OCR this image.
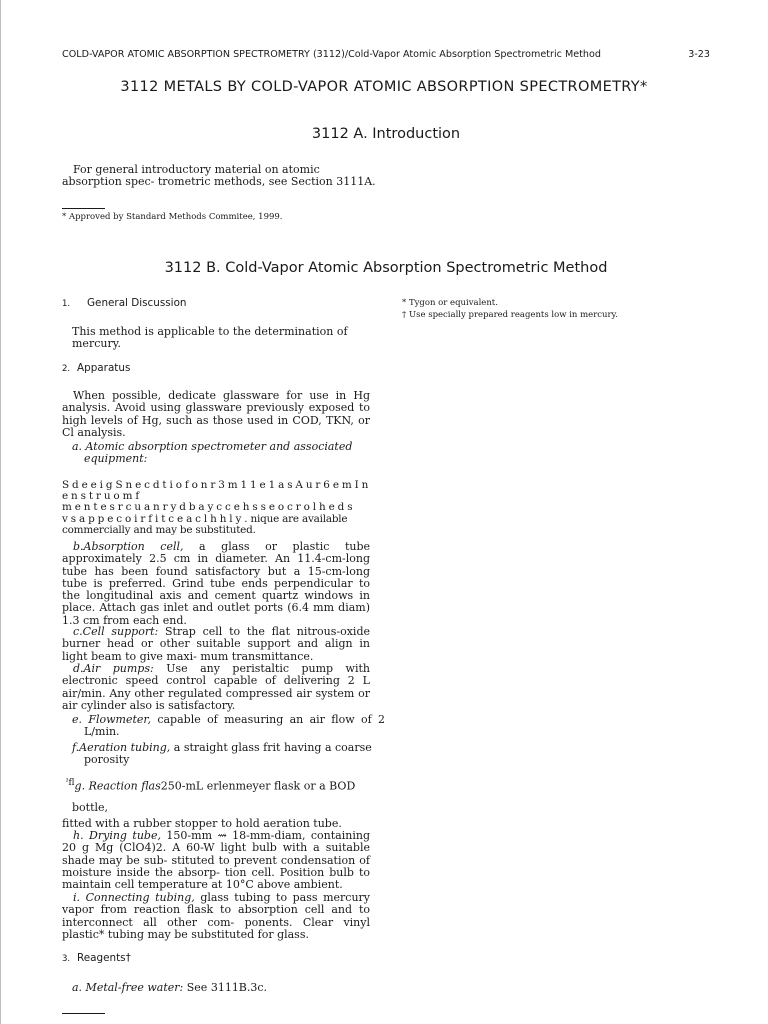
COLD-VAPOR ATOMIC ABSORPTION SPECTROMETRY (3112)/Cold-Vapor Atomic Absorption Spectrometric Method	3-23

3112 METALS BY COLD-VAPOR ATOMIC ABSORPTION SPECTROMETRY*
3112 A. Introduction

For general introductory material on atomic absorption spec- trometric methods, see Section 3111A.

* Approved by Standard Methods Commitee, 1999.

3112 B. Cold-Vapor Atomic Absorption Spectrometric Method

1. General Discussion

This method is applicable to the determination of mercury.

2. Apparatus

When possible, dedicate glassware for use in Hg analysis. Avoid using glassware previously exposed to high levels of Hg, such as those used in COD, TKN, or Cl analysis.

a. Atomic absorption spectrometer and associated equipment:

S d e e i g S n e c d t i o f o n r 3 m 1 1 e 1 a s A u r 6 e m I n e n s t r u o m f
m e n t e s r c u a n r y d b a y c c e h s s e o c r o l h e d s
v s a p p e c o i r f i t c e a c l h h l y . nique are available commercially and may be substituted.

b.Absorption cell, a glass or plastic tube approximately 2.5 cm in diameter. An 11.4-cm-long tube has been found satisfactory but a 15-cm-long tube is preferred. Grind tube ends perpendicular to the longitudinal axis and cement quartz windows in place. Attach gas inlet and outlet ports (6.4 mm diam) 1.3 cm from each end.

c.Cell support: Strap cell to the flat nitrous-oxide burner head or other suitable support and align in light beam to give maxi- mum transmittance.

d.Air pumps: Use any peristaltic pump with electronic speed control capable of delivering 2 L air/min. Any other regulated compressed air system or air cylinder also is satisfactory.

e. Flowmeter, capable of measuring an air flow of 2 L/min.

f.Aeration tubing, a straight glass frit having a coarse porosity

$^{ˀfl}$g. Reaction flas250-mL erlenmeyer flask or a BOD

bottle,

fitted with a rubber stopper to hold aeration tube.

h. Drying tube, 150-mm ⇝ 18-mm-diam, containing 20 g Mg (ClO4)2. A 60-W light bulb with a suitable shade may be sub- stituted to prevent condensation of moisture inside the absorp- tion cell. Position bulb to maintain cell temperature at 10°C above ambient.

i. Connecting tubing, glass tubing to pass mercury vapor from reaction flask to absorption cell and to interconnect all other com- ponents. Clear vinyl plastic* tubing may be substituted for glass.

3. Reagents†

a. Metal-free water: See 3111B.3c.

* Tygon or equivalent.

† Use specially prepared reagents low in mercury.
